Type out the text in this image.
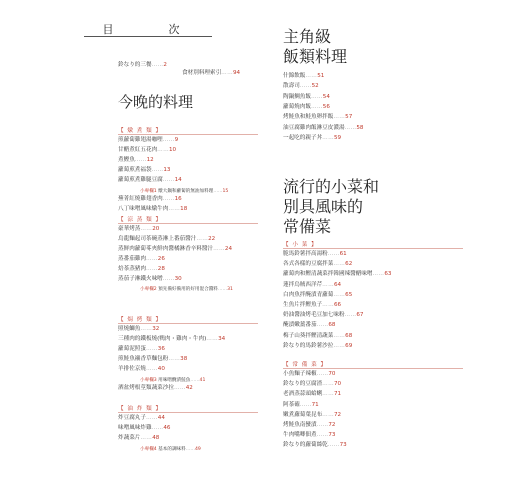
目　次
鈴なり的三餐……2
食材別料理索引……94
今晚的料理
【 燉 煮 類 】
煎蘿蔔雞翅湯咖哩……9
甘醋煮紅五花肉……10
煮鰹魚……12
蘿蔔煎煮福袋……13
蘿蔔煎煮雞腿豆腐……14
小專欄1 燉大鍋和蘿蔔的無油加料理……15
蕪菁紅燒雞翅香肉……16
八丁味噌風味燉牛肉……18
【 涼 蒸 類 】
豪華烤蒸……20
烏龍麵起司茶碗蒸淋上番茄醬汁……22
蒸鮮肉蘿蔔苳夾鮮肉醬橘淋香辛料醬汁……24
蒸番茄雞肉……26
焙茶蒸豬肉……28
蒸茄子淋鐵火味噌……30
小專欄2 預先備好備用的好用混合醬料……31
【 焗 烤 類 】
照燒鰤魚……32
三種肉的鐵板燒(鴨肉・雞肉・牛肉)……34
蘿蔔泥照蛋……36
煎鮭魚襯香草麵包粉……38
羊排佐京燒……40
小專欄3 用味噌醃漬鮭魚……41
洒盆烤根莖類蔬菜沙拉……42
【 油 炸 類 】
炸豆腐丸子……44
味噌風味炸雞……46
炸蔬菜片……48
小專欄4 基本的調味料……49
主角級
飯類料理
什錦飲飯……51
散壽司……52
陶鍋鯛魚飯……54
蘿蔔燒肉飯……56
烤鮭魚和鮭魚卵拌飯……57
油豆腐雞肉飯淋豆皮濃湯……58
一起吃的親子丼……59
流行的小菜和
別具風味的
常備菜
【 小 菜 】
脆馬鈴薯拌高湯粉……61
各式各樣的豆腐拌菜……62
蘿蔔肉和鰹清蔬菜拌韓國辣醬醋味噌……63
蓮拌烏賊西洋芹……64
白肉魚拌醃漬青蘿蔔……65
生魚片拌鰹魚子……66
奶油醬油烤毛豆加七味粉……67
醃漬嫩薑番茄……68
梅子山葵拌鰹清蔬菜……68
鈴なり的馬鈴薯沙拉……69
【 常 備 菜 】
小魚麵子辣椒……70
鈴なり的豆腐渣……70
老酒蒸蒜頭蛤蜊……71
阿茶確……71
嫩煮蘿蔔葉昆布……72
烤鮭魚南蠻漬……72
牛肉嘴唧佃煮……73
鈴なり的蘿蔔絲乾……73
